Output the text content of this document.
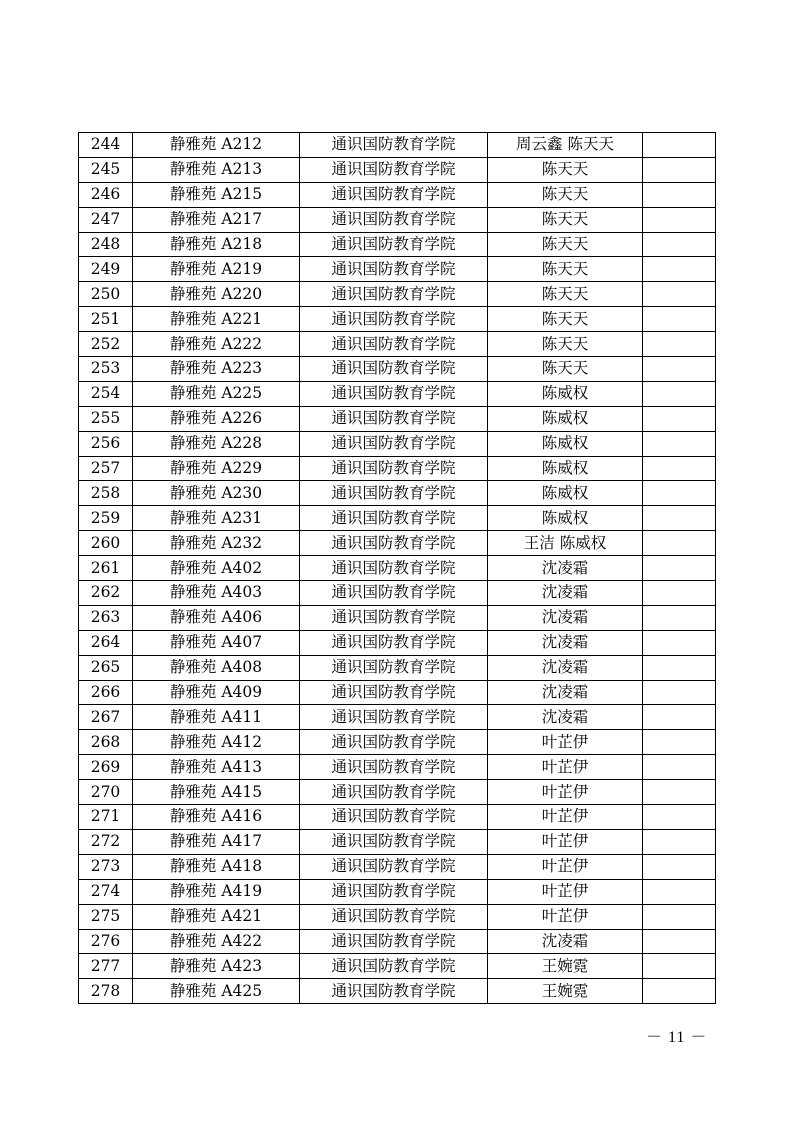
244	静雅苑 A212	通识国防教育学院	周云鑫 陈天天	
245	静雅苑 A213	通识国防教育学院	陈天天	
246	静雅苑 A215	通识国防教育学院	陈天天	
247	静雅苑 A217	通识国防教育学院	陈天天	
248	静雅苑 A218	通识国防教育学院	陈天天	
249	静雅苑 A219	通识国防教育学院	陈天天	
250	静雅苑 A220	通识国防教育学院	陈天天	
251	静雅苑 A221	通识国防教育学院	陈天天	
252	静雅苑 A222	通识国防教育学院	陈天天	
253	静雅苑 A223	通识国防教育学院	陈天天	
254	静雅苑 A225	通识国防教育学院	陈威权	
255	静雅苑 A226	通识国防教育学院	陈威权	
256	静雅苑 A228	通识国防教育学院	陈威权	
257	静雅苑 A229	通识国防教育学院	陈威权	
258	静雅苑 A230	通识国防教育学院	陈威权	
259	静雅苑 A231	通识国防教育学院	陈威权	
260	静雅苑 A232	通识国防教育学院	王洁 陈威权	
261	静雅苑 A402	通识国防教育学院	沈凌霜	
262	静雅苑 A403	通识国防教育学院	沈凌霜	
263	静雅苑 A406	通识国防教育学院	沈凌霜	
264	静雅苑 A407	通识国防教育学院	沈凌霜	
265	静雅苑 A408	通识国防教育学院	沈凌霜	
266	静雅苑 A409	通识国防教育学院	沈凌霜	
267	静雅苑 A411	通识国防教育学院	沈凌霜	
268	静雅苑 A412	通识国防教育学院	叶芷伊	
269	静雅苑 A413	通识国防教育学院	叶芷伊	
270	静雅苑 A415	通识国防教育学院	叶芷伊	
271	静雅苑 A416	通识国防教育学院	叶芷伊	
272	静雅苑 A417	通识国防教育学院	叶芷伊	
273	静雅苑 A418	通识国防教育学院	叶芷伊	
274	静雅苑 A419	通识国防教育学院	叶芷伊	
275	静雅苑 A421	通识国防教育学院	叶芷伊	
276	静雅苑 A422	通识国防教育学院	沈凌霜	
277	静雅苑 A423	通识国防教育学院	王婉霓	
278	静雅苑 A425	通识国防教育学院	王婉霓	
－ 11 －
